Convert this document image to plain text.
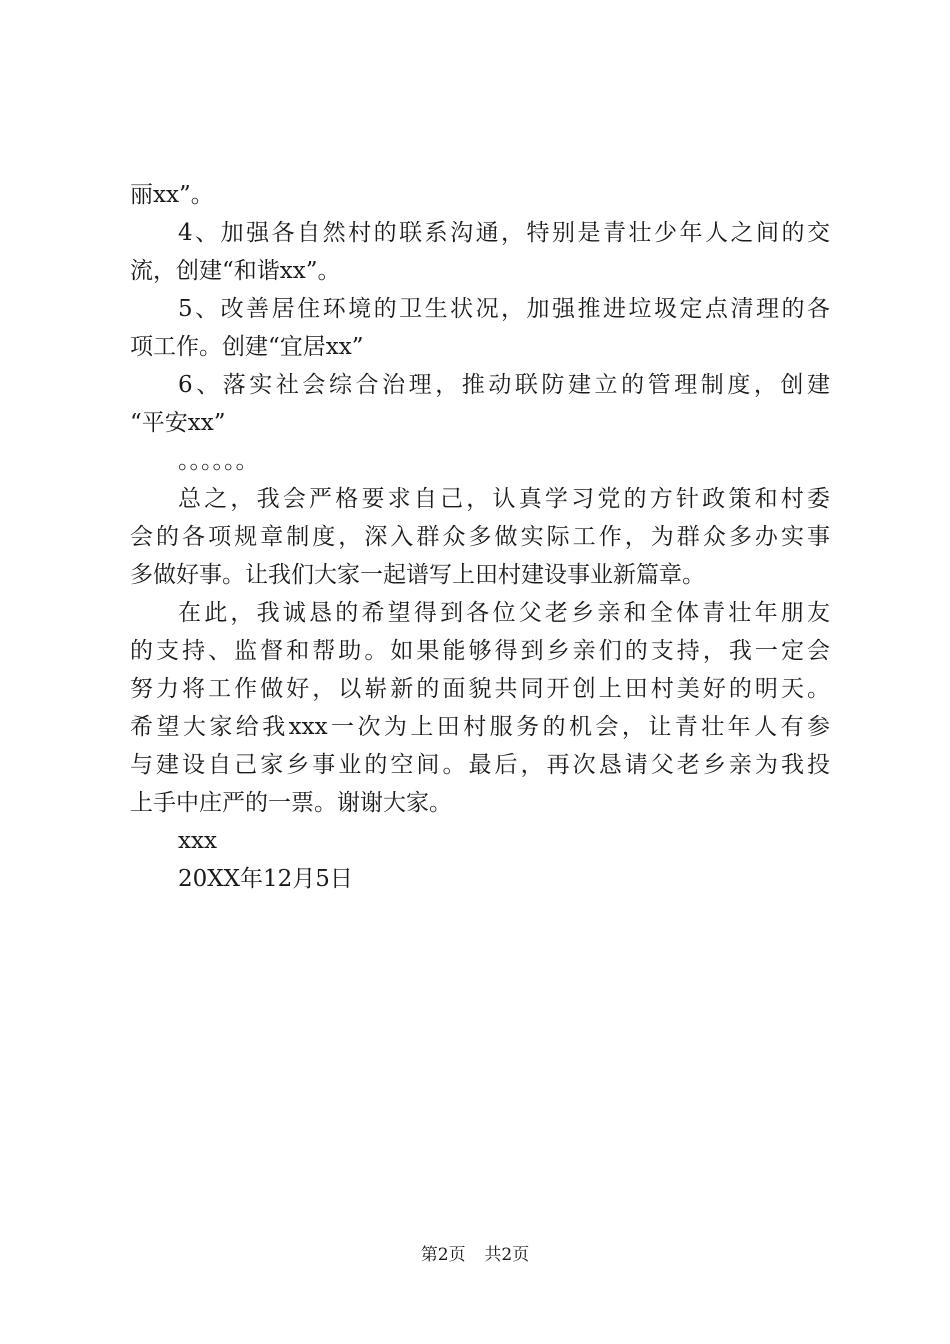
丽xx”。
4、加强各自然村的联系沟通，特别是青壮少年人之间的交
流，创建“和谐xx”。
5、改善居住环境的卫生状况，加强推进垃圾定点清理的各
项工作。创建“宜居xx”
6、落实社会综合治理，推动联防建立的管理制度，创建
“平安xx”
。。。。。。
总之，我会严格要求自己，认真学习党的方针政策和村委
会的各项规章制度，深入群众多做实际工作，为群众多办实事
多做好事。让我们大家一起谱写上田村建设事业新篇章。
在此，我诚恳的希望得到各位父老乡亲和全体青壮年朋友
的支持、监督和帮助。如果能够得到乡亲们的支持，我一定会
努力将工作做好，以崭新的面貌共同开创上田村美好的明天。
希望大家给我xxx一次为上田村服务的机会，让青壮年人有参
与建设自己家乡事业的空间。最后，再次恳请父老乡亲为我投
上手中庄严的一票。谢谢大家。
xxx
20XX年12月5日
第2页 共2页
